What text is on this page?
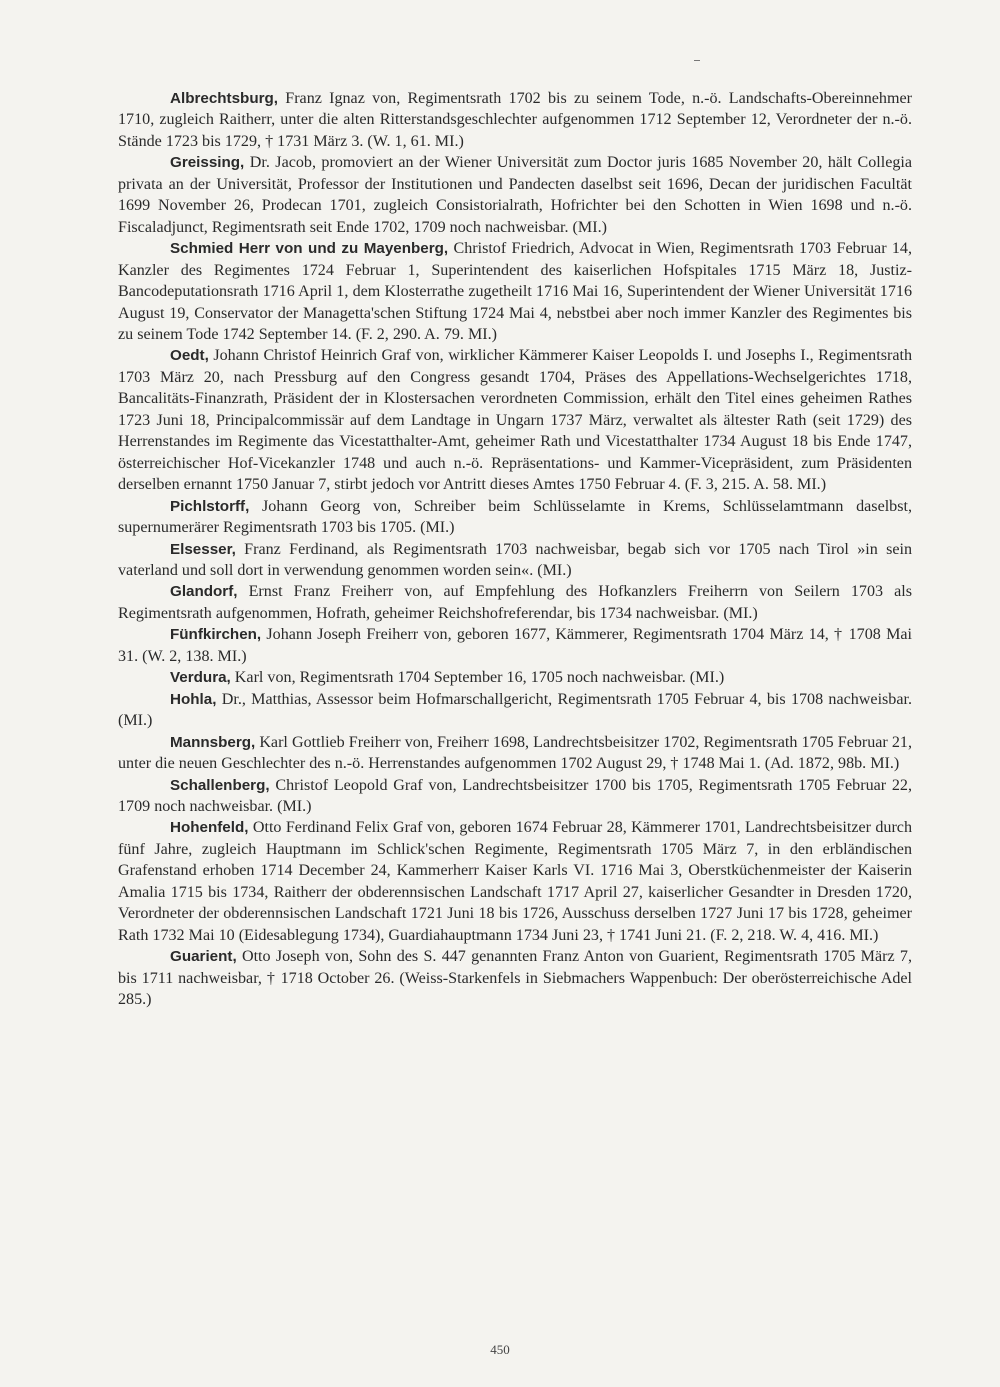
Albrechtsburg, Franz Ignaz von, Regimentsrath 1702 bis zu seinem Tode, n.-ö. Landschafts-Obereinnehmer 1710, zugleich Raitherr, unter die alten Ritterstandsgeschlechter aufgenommen 1712 September 12, Verordneter der n.-ö. Stände 1723 bis 1729, † 1731 März 3. (W. 1, 61. MI.)

Greissing, Dr. Jacob, promoviert an der Wiener Universität zum Doctor juris 1685 November 20, hält Collegia privata an der Universität, Professor der Institutionen und Pandecten daselbst seit 1696, Decan der juridischen Facultät 1699 November 26, Prodecan 1701, zugleich Consistorialrath, Hofrichter bei den Schotten in Wien 1698 und n.-ö. Fiscaladjunct, Regimentsrath seit Ende 1702, 1709 noch nachweisbar. (MI.)

Schmied Herr von und zu Mayenberg, Christof Friedrich, Advocat in Wien, Regimentsrath 1703 Februar 14, Kanzler des Regimentes 1724 Februar 1, Superintendent des kaiserlichen Hofspitales 1715 März 18, Justiz-Bancodeputationsrath 1716 April 1, dem Klosterrathe zugetheilt 1716 Mai 16, Superintendent der Wiener Universität 1716 August 19, Conservator der Managetta'schen Stiftung 1724 Mai 4, nebstbei aber noch immer Kanzler des Regimentes bis zu seinem Tode 1742 September 14. (F. 2, 290. A. 79. MI.)

Oedt, Johann Christof Heinrich Graf von, wirklicher Kämmerer Kaiser Leopolds I. und Josephs I., Regimentsrath 1703 März 20, nach Pressburg auf den Congress gesandt 1704, Präses des Appellations-Wechselgerichtes 1718, Bancalitäts-Finanzrath, Präsident der in Klostersachen verordneten Commission, erhält den Titel eines geheimen Rathes 1723 Juni 18, Principalcommissär auf dem Landtage in Ungarn 1737 März, verwaltet als ältester Rath (seit 1729) des Herrenstandes im Regimente das Vicestatthalter-Amt, geheimer Rath und Vicestatthalter 1734 August 18 bis Ende 1747, österreichischer Hof-Vicekanzler 1748 und auch n.-ö. Repräsentations- und Kammer-Vicepräsident, zum Präsidenten derselben ernannt 1750 Januar 7, stirbt jedoch vor Antritt dieses Amtes 1750 Februar 4. (F. 3, 215. A. 58. MI.)

Pichlstorff, Johann Georg von, Schreiber beim Schlüsselamte in Krems, Schlüsselamtmann daselbst, supernumerärer Regimentsrath 1703 bis 1705. (MI.)

Elsesser, Franz Ferdinand, als Regimentsrath 1703 nachweisbar, begab sich vor 1705 nach Tirol »in sein vaterland und soll dort in verwendung genommen worden sein«. (MI.)

Glandorf, Ernst Franz Freiherr von, auf Empfehlung des Hofkanzlers Freiherrn von Seilern 1703 als Regimentsrath aufgenommen, Hofrath, geheimer Reichshofreferendar, bis 1734 nachweisbar. (MI.)

Fünfkirchen, Johann Joseph Freiherr von, geboren 1677, Kämmerer, Regimentsrath 1704 März 14, † 1708 Mai 31. (W. 2, 138. MI.)

Verdura, Karl von, Regimentsrath 1704 September 16, 1705 noch nachweisbar. (MI.)

Hohla, Dr., Matthias, Assessor beim Hofmarschallgericht, Regimentsrath 1705 Februar 4, bis 1708 nachweisbar. (MI.)

Mannsberg, Karl Gottlieb Freiherr von, Freiherr 1698, Landrechtsbeisitzer 1702, Regimentsrath 1705 Februar 21, unter die neuen Geschlechter des n.-ö. Herrenstandes aufgenommen 1702 August 29, † 1748 Mai 1. (Ad. 1872, 98b. MI.)

Schallenberg, Christof Leopold Graf von, Landrechtsbeisitzer 1700 bis 1705, Regimentsrath 1705 Februar 22, 1709 noch nachweisbar. (MI.)

Hohenfeld, Otto Ferdinand Felix Graf von, geboren 1674 Februar 28, Kämmerer 1701, Landrechtsbeisitzer durch fünf Jahre, zugleich Hauptmann im Schlick'schen Regimente, Regimentsrath 1705 März 7, in den erbländischen Grafenstand erhoben 1714 December 24, Kammerherr Kaiser Karls VI. 1716 Mai 3, Oberstküchenmeister der Kaiserin Amalia 1715 bis 1734, Raitherr der obderennsischen Landschaft 1717 April 27, kaiserlicher Gesandter in Dresden 1720, Verordneter der obderennsischen Landschaft 1721 Juni 18 bis 1726, Ausschuss derselben 1727 Juni 17 bis 1728, geheimer Rath 1732 Mai 10 (Eidesablegung 1734), Guardiahauptmann 1734 Juni 23, † 1741 Juni 21. (F. 2, 218. W. 4, 416. MI.)

Guarient, Otto Joseph von, Sohn des S. 447 genannten Franz Anton von Guarient, Regimentsrath 1705 März 7, bis 1711 nachweisbar, † 1718 October 26. (Weiss-Starkenfels in Siebmachers Wappenbuch: Der oberösterreichische Adel 285.)

450
